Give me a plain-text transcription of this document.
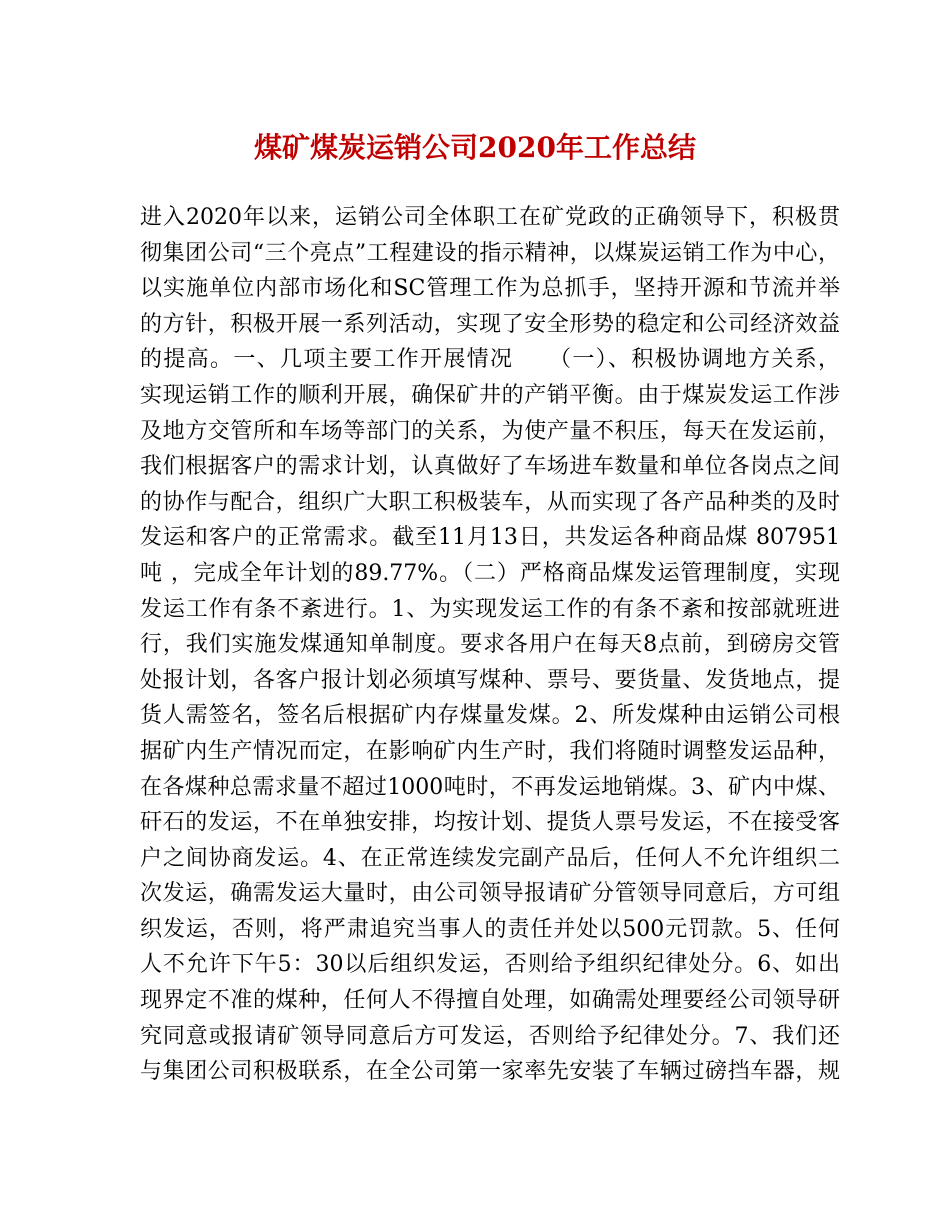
煤矿煤炭运销公司2020年工作总结
进入2020年以来，运销公司全体职工在矿党政的正确领导下，积极贯
彻集团公司“三个亮点”工程建设的指示精神，以煤炭运销工作为中心，
以实施单位内部市场化和SC管理工作为总抓手，坚持开源和节流并举
的方针，积极开展一系列活动，实现了安全形势的稳定和公司经济效益
的提高。一、几项主要工作开展情况　　（一）、积极协调地方关系，
实现运销工作的顺利开展，确保矿井的产销平衡。由于煤炭发运工作涉
及地方交管所和车场等部门的关系，为使产量不积压，每天在发运前，
我们根据客户的需求计划，认真做好了车场进车数量和单位各岗点之间
的协作与配合，组织广大职工积极装车，从而实现了各产品种类的及时
发运和客户的正常需求。截至11月13日，共发运各种商品煤 807951
吨 ，完成全年计划的89.77%。（二）严格商品煤发运管理制度，实现
发运工作有条不紊进行。1、为实现发运工作的有条不紊和按部就班进
行，我们实施发煤通知单制度。要求各用户在每天8点前，到磅房交管
处报计划，各客户报计划必须填写煤种、票号、要货量、发货地点，提
货人需签名，签名后根据矿内存煤量发煤。2、所发煤种由运销公司根
据矿内生产情况而定，在影响矿内生产时，我们将随时调整发运品种，
在各煤种总需求量不超过1000吨时，不再发运地销煤。3、矿内中煤、
矸石的发运，不在单独安排，均按计划、提货人票号发运，不在接受客
户之间协商发运。4、在正常连续发完副产品后，任何人不允许组织二
次发运，确需发运大量时，由公司领导报请矿分管领导同意后，方可组
织发运，否则，将严肃追究当事人的责任并处以500元罚款。5、任何
人不允许下午5：30以后组织发运，否则给予组织纪律处分。6、如出
现界定不准的煤种，任何人不得擅自处理，如确需处理要经公司领导研
究同意或报请矿领导同意后方可发运，否则给予纪律处分。7、我们还
与集团公司积极联系，在全公司第一家率先安装了车辆过磅挡车器，规
